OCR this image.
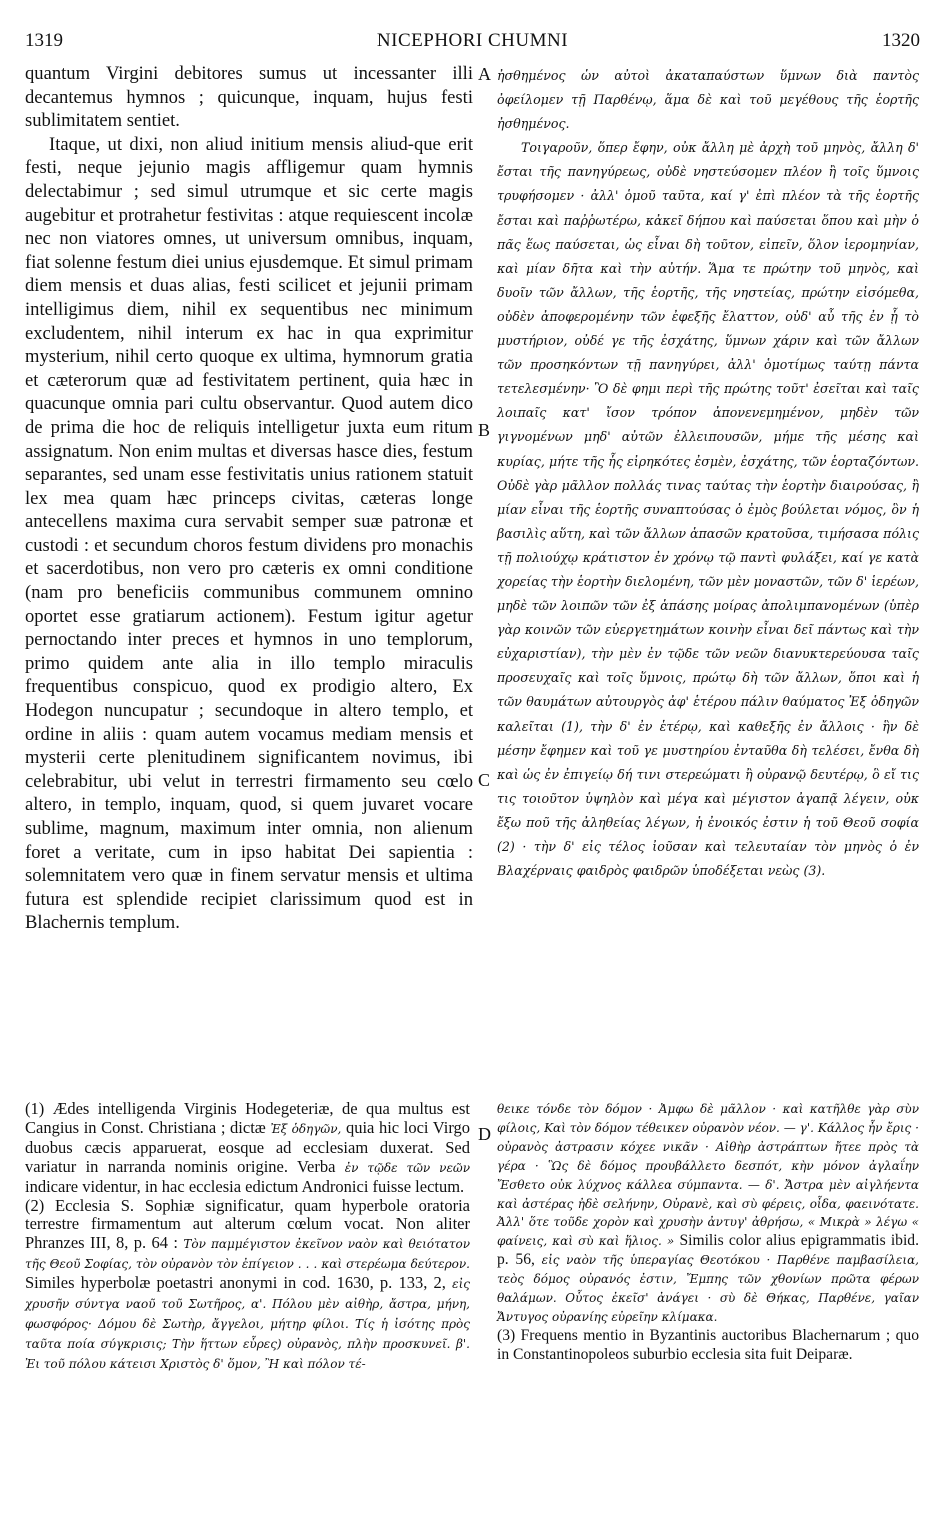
1319	NICEPHORI CHUMNI	1320

quantum Virgini debitores sumus ut incessanter illi decantemus hymnos ; quicunque, inquam, hujus festi sublimitatem sentiet.

Itaque, ut dixi, non aliud initium mensis aliud-que erit festi, neque jejunio magis affligemur quam hymnis delectabimur ; sed simul utrumque et sic certe magis augebitur et protrahetur festivitas : atque requiescent incolæ nec non viatores omnes, ut universum omnibus, inquam, fiat solenne festum diei unius ejusdemque. Et simul primam diem mensis et duas alias, festi scilicet et jejunii primam intelligimus diem, nihil ex sequentibus nec minimum excludentem, nihil interum ex hac in qua exprimitur mysterium, nihil certo quoque ex ultima, hymnorum gratia et cæterorum quæ ad festivitatem pertinent, quia hæc in quacunque omnia pari cultu observantur. Quod autem dico de prima die hoc de reliquis intelligetur juxta eum ritum assignatum. Non enim multas et diversas hasce dies, festum separantes, sed unam esse festivitatis unius rationem statuit lex mea quam hæc princeps civitas, cæteras longe antecellens maxima cura servabit semper suæ patronæ et custodi : et secundum choros festum dividens pro monachis et sacerdotibus, non vero pro cæteris ex omni conditione (nam pro beneficiis communibus communem omnino oportet esse gratiarum actionem). Festum igitur agetur pernoctando inter preces et hymnos in uno templorum, primo quidem ante alia in illo templo miraculis frequentibus conspicuo, quod ex prodigio altero, Ex Hodegon nuncupatur ; secundoque in altero templo, et ordine in aliis : quam autem vocamus mediam mensis et mysterii certe plenitudinem significantem novimus, ibi celebrabitur, ubi velut in terrestri firmamento seu cœlo altero, in templo, inquam, quod, si quem juvaret vocare sublime, magnum, maximum inter omnia, non alienum foret a veritate, cum in ipso habitat Dei sapientia : solemnitatem vero quæ in finem servatur mensis et ultima futura est splendide recipiet clarissimum quod est in Blachernis templum.

A
B
C
D

ἠσθημένος ὡν αὐτοὶ ἀκαταπαύστων ὕμνων διὰ παντὸς ὀφείλομεν τῇ Παρθένῳ, ἅμα δὲ καὶ τοῦ μεγέθους τῆς ἑορτῆς ἠσθημένος.

Τοιγαροῦν, ὅπερ ἔφην, οὐκ ἄλλη μὲ ἀρχὴ τοῦ μηνὸς, ἄλλη δ' ἔσται τῆς πανηγύρεως, οὐδὲ νηστεύσομεν πλέον ἢ τοῖς ὕμνοις τρυφήσομεν · ἀλλ' ὁμοῦ ταῦτα, καί γ' ἐπὶ πλέον τὰ τῆς ἑορτῆς ἔσται καὶ παῤῥωτέρω, κἀκεῖ δήπου καὶ παύσεται ὅπου καὶ μὴν ὁ πᾶς ἕως παύσεται, ὡς εἶναι δὴ τοῦτον, εἰπεῖν, ὅλον ἱερομηνίαν, καὶ μίαν δῆτα καὶ τὴν αὐτήν. Ἅμα τε πρώτην τοῦ μηνὸς, καὶ δυοῖν τῶν ἄλλων, τῆς ἑορτῆς, τῆς νηστείας, πρώτην εἰσόμεθα, οὐδὲν ἀποφερομένην τῶν ἐφεξῆς ἔλαττον, οὐδ' αὖ τῆς ἐν ᾗ τὸ μυστήριον, οὐδέ γε τῆς ἐσχάτης, ὕμνων χάριν καὶ τῶν ἄλλων τῶν προσηκόντων τῇ πανηγύρει, ἀλλ' ὁμοτίμως ταύτῃ πάντα τετελεσμένην· Ὃ δὲ φημι περὶ τῆς πρώτης τοῦτ' ἐσεῖται καὶ ταῖς λοιπαῖς κατ' ἴσον τρόπον ἀπονενεμημένον, μηδὲν τῶν γιγνομένων μηδ' αὐτῶν ἐλλειπουσῶν, μήμε τῆς μέσης καὶ κυρίας, μήτε τῆς ἧς εἰρηκότες ἐσμὲν, ἐσχάτης, τῶν ἑορταζόντων. Οὐδὲ γὰρ μᾶλλον πολλάς τινας ταύτας τὴν ἑορτὴν διαιρούσας, ἢ μίαν εἶναι τῆς ἑορτῆς συναπτούσας ὁ ἐμὸς βούλεται νόμος, ὃν ἡ βασιλὶς αὕτη, καὶ τῶν ἄλλων ἁπασῶν κρατοῦσα, τιμήσασα πόλις τῇ πολιούχῳ κράτιστον ἐν χρόνῳ τῷ παντὶ φυλάξει, καί γε κατὰ χορείας τὴν ἑορτὴν διελομένη, τῶν μὲν μοναστῶν, τῶν δ' ἱερέων, μηδὲ τῶν λοιπῶν τῶν ἐξ ἁπάσης μοίρας ἀπολιμπανομένων (ὑπὲρ γὰρ κοινῶν τῶν εὐεργετημάτων κοινὴν εἶναι δεῖ πάντως καὶ τὴν εὐχαριστίαν), τὴν μὲν ἐν τῷδε τῶν νεῶν διανυκτερεύουσα ταῖς προσευχαῖς καὶ τοῖς ὕμνοις, πρώτῳ δὴ τῶν ἄλλων, ὅποι καὶ ἡ τῶν θαυμάτων αὐτουργὸς ἀφ' ἑτέρου πάλιν θαύματος Ἐξ ὁδηγῶν καλεῖται (1), τὴν δ' ἐν ἑτέρῳ, καὶ καθεξῆς ἐν ἄλλοις · ἣν δὲ μέσην ἔφημεν καὶ τοῦ γε μυστηρίου ἐνταῦθα δὴ τελέσει, ἔνθα δὴ καὶ ὡς ἐν ἐπιγείῳ δή τινι στερεώματι ἢ οὐρανῷ δευτέρῳ, ὃ εἴ τις τις τοιοῦτον ὑψηλὸν καὶ μέγα καὶ μέγιστον ἀγαπᾷ λέγειν, οὐκ ἔξω ποῦ τῆς ἀληθείας λέγων, ἡ ἐνοικός ἐστιν ἡ τοῦ Θεοῦ σοφία (2) · τὴν δ' εἰς τέλος ἰοῦσαν καὶ τελευταίαν τὸν μηνὸς ὁ ἐν Βλαχέρναις φαιδρὸς φαιδρῶν ὑποδέξεται νεὼς (3).

(1) Ædes intelligenda Virginis Hodegeteriæ, de qua multus est Cangius in Const. Christiana ; dictæ Ἐξ ὁδηγῶν, quia hic loci Virgo duobus cæcis apparuerat, eosque ad ecclesiam duxerat. Sed variatur in narranda nominis origine. Verba ἐν τῷδε τῶν νεῶν indicare videntur, in hac ecclesia edictum Andronici fuisse lectum.

(2) Ecclesia S. Sophiæ significatur, quam hyperbole oratoria terrestre firmamentum aut alterum cœlum vocat. Non aliter Phranzes III, 8, p. 64 : Τὸν παμμέγιστον ἐκεῖνον ναὸν καὶ θειότατον τῆς Θεοῦ Σοφίας, τὸν οὐρανὸν τὸν ἐπίγειον . . . καὶ στερέωμα δεύτερον. Similes hyperbolæ poetastri anonymi in cod. 1630, p. 133, 2, εἰς χρυσῆν σύντγα ναοῦ τοῦ Σωτῆρος, α'. Πόλου μὲν αἰθὴρ, ἄστρα, μήνη, φωσφόρος· Δόμου δὲ Σωτὴρ, ἄγγελοι, μήτηρ φίλοι. Τίς ἡ ἰσότης πρὸς ταῦτα ποία σύγκρισις; Τὴν ἥττων εὗρες) οὐρανὸς, πλὴν προσκυνεῖ. β'. Ἐι τοῦ πόλου κάτεισι Χριστὸς δ' ὅμον, Ἢ καὶ πόλον τέ-

θεικε τόνδε τὸν δόμον · Ἀμφω δὲ μᾶλλον · καὶ κατῆλθε γὰρ σὺν φίλοις, Καὶ τὸν δόμον τέθεικεν οὐρανὸν νέον. — γ'. Κάλλος ἦν ἔρις · οὐρανὸς ἀστρασιν κόχεε νικᾶν · Αἰθὴρ ἀστράπτων ἤτεε πρὸς τὰ γέρα · Ὣς δὲ δόμος προυβάλλετο δεσπότ, κὴν μόνον ἀγλαΐην Ἔσθετο οὐκ λύχνος κάλλεα σύμπαντα. — δ'. Ἄστρα μὲν αἰγλήεντα καὶ ἀστέρας ἠδὲ σελήνην, Οὐρανὲ, καὶ σὺ φέρεις, οἶδα, φαεινότατε. Ἀλλ' ὅτε τοῦδε χορὸν καὶ χρυσὴν ἀντυγ' ἀθρήσω, « Μικρὰ » λέγω « φαίνεις, καὶ σὺ καὶ ἥλιος. » Similis color alius epigrammatis ibid. p. 56, εἰς ναὸν τῆς ὑπεραγίας Θεοτόκου · Παρθένε παμβασίλεια, τεὸς δόμος οὐρανός ἐστιν, Ἔμπης τῶν χθονίων πρῶτα φέρων θαλάμων. Οὗτος ἐκεῖσ' ἀνάγει · σὺ δὲ Θήκας, Παρθένε, γαῖαν Ἄντυγος οὐρανίης εὐρεῖην κλίμακα.

(3) Frequens mentio in Byzantinis auctoribus Blachernarum ; quo in Constantinopoleos suburbio ecclesia sita fuit Deiparæ.
